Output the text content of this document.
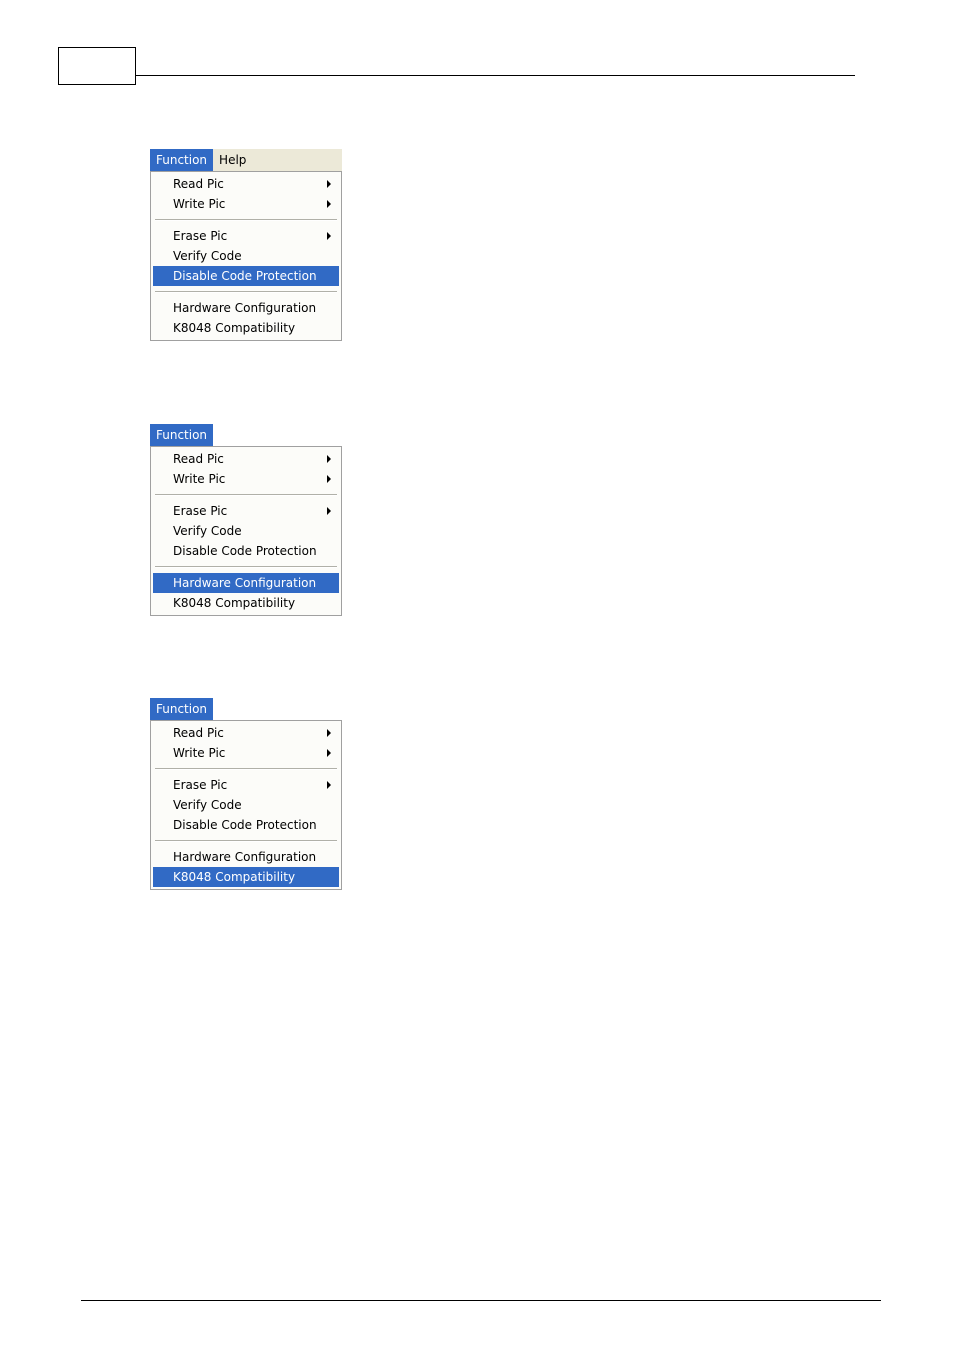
Function	Help
Read Pic
Write Pic
Erase Pic
Verify Code
Disable Code Protection
Hardware Configuration
K8048 Compatibility
Function
Read Pic
Write Pic
Erase Pic
Verify Code
Disable Code Protection
Hardware Configuration
K8048 Compatibility
Function
Read Pic
Write Pic
Erase Pic
Verify Code
Disable Code Protection
Hardware Configuration
K8048 Compatibility
